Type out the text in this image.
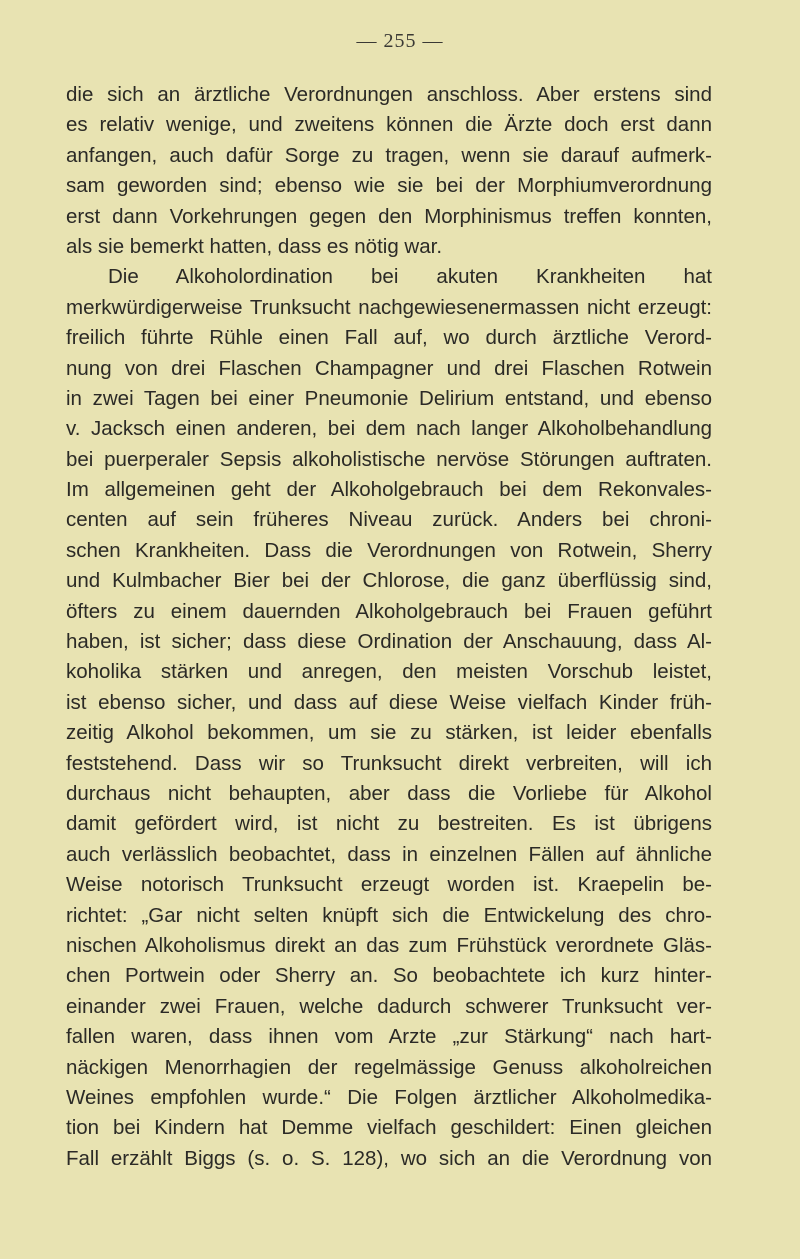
— 255 —
die sich an ärztliche Verordnungen anschloss. Aber erstens sind
es relativ wenige, und zweitens können die Ärzte doch erst dann
anfangen, auch dafür Sorge zu tragen, wenn sie darauf aufmerk-
sam geworden sind; ebenso wie sie bei der Morphiumverordnung
erst dann Vorkehrungen gegen den Morphinismus treffen konnten,
als sie bemerkt hatten, dass es nötig war.
Die Alkoholordination bei akuten Krankheiten hat
merkwürdigerweise Trunksucht nachgewiesenermassen nicht erzeugt:
freilich führte Rühle einen Fall auf, wo durch ärztliche Verord-
nung von drei Flaschen Champagner und drei Flaschen Rotwein
in zwei Tagen bei einer Pneumonie Delirium entstand, und ebenso
v. Jacksch einen anderen, bei dem nach langer Alkoholbehandlung
bei puerperaler Sepsis alkoholistische nervöse Störungen auftraten.
Im allgemeinen geht der Alkoholgebrauch bei dem Rekonvales-
centen auf sein früheres Niveau zurück. Anders bei chroni-
schen Krankheiten. Dass die Verordnungen von Rotwein, Sherry
und Kulmbacher Bier bei der Chlorose, die ganz überflüssig sind,
öfters zu einem dauernden Alkoholgebrauch bei Frauen geführt
haben, ist sicher; dass diese Ordination der Anschauung, dass Al-
koholika stärken und anregen, den meisten Vorschub leistet,
ist ebenso sicher, und dass auf diese Weise vielfach Kinder früh-
zeitig Alkohol bekommen, um sie zu stärken, ist leider ebenfalls
feststehend. Dass wir so Trunksucht direkt verbreiten, will ich
durchaus nicht behaupten, aber dass die Vorliebe für Alkohol
damit gefördert wird, ist nicht zu bestreiten. Es ist übrigens
auch verlässlich beobachtet, dass in einzelnen Fällen auf ähnliche
Weise notorisch Trunksucht erzeugt worden ist. Kraepelin be-
richtet: „Gar nicht selten knüpft sich die Entwickelung des chro-
nischen Alkoholismus direkt an das zum Frühstück verordnete Gläs-
chen Portwein oder Sherry an. So beobachtete ich kurz hinter-
einander zwei Frauen, welche dadurch schwerer Trunksucht ver-
fallen waren, dass ihnen vom Arzte „zur Stärkung“ nach hart-
näckigen Menorrhagien der regelmässige Genuss alkoholreichen
Weines empfohlen wurde.“ Die Folgen ärztlicher Alkoholmedika-
tion bei Kindern hat Demme vielfach geschildert: Einen gleichen
Fall erzählt Biggs (s. o. S. 128), wo sich an die Verordnung von
